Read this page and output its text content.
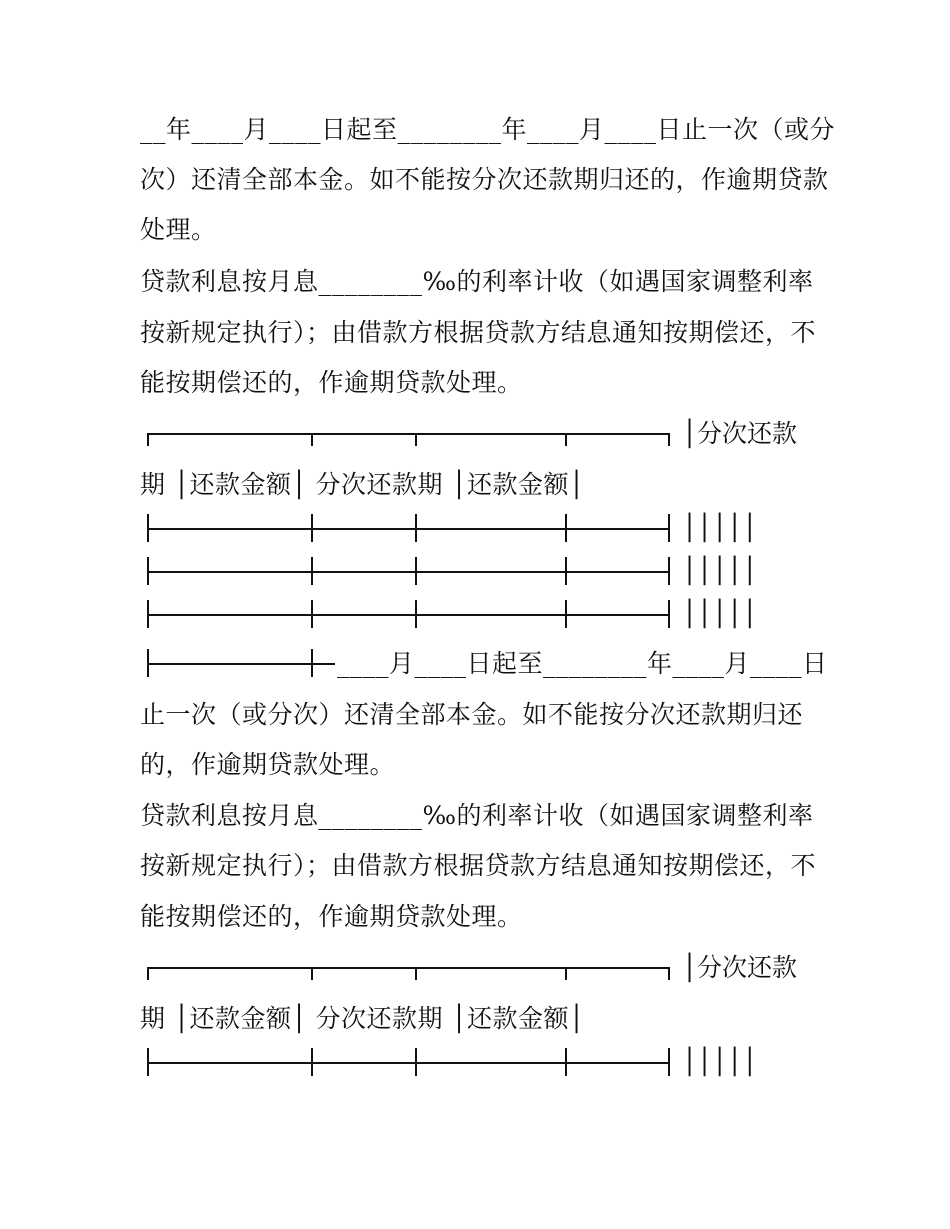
__年____月____日起至________年____月____日止一次（或分
次）还清全部本金。如不能按分次还款期归还的，作逾期贷款
处理。
贷款利息按月息________‰的利率计收（如遇国家调整利率
按新规定执行）；由借款方根据贷款方结息通知按期偿还，不
能按期偿还的，作逾期贷款处理。
│分次还款
期 │还款金额│ 分次还款期 │还款金额│
│││││
│││││
│││││
____月____日起至________年____月____日
止一次（或分次）还清全部本金。如不能按分次还款期归还
的，作逾期贷款处理。
贷款利息按月息________‰的利率计收（如遇国家调整利率
按新规定执行）；由借款方根据贷款方结息通知按期偿还，不
能按期偿还的，作逾期贷款处理。
│分次还款
期 │还款金额│ 分次还款期 │还款金额│
│││││
